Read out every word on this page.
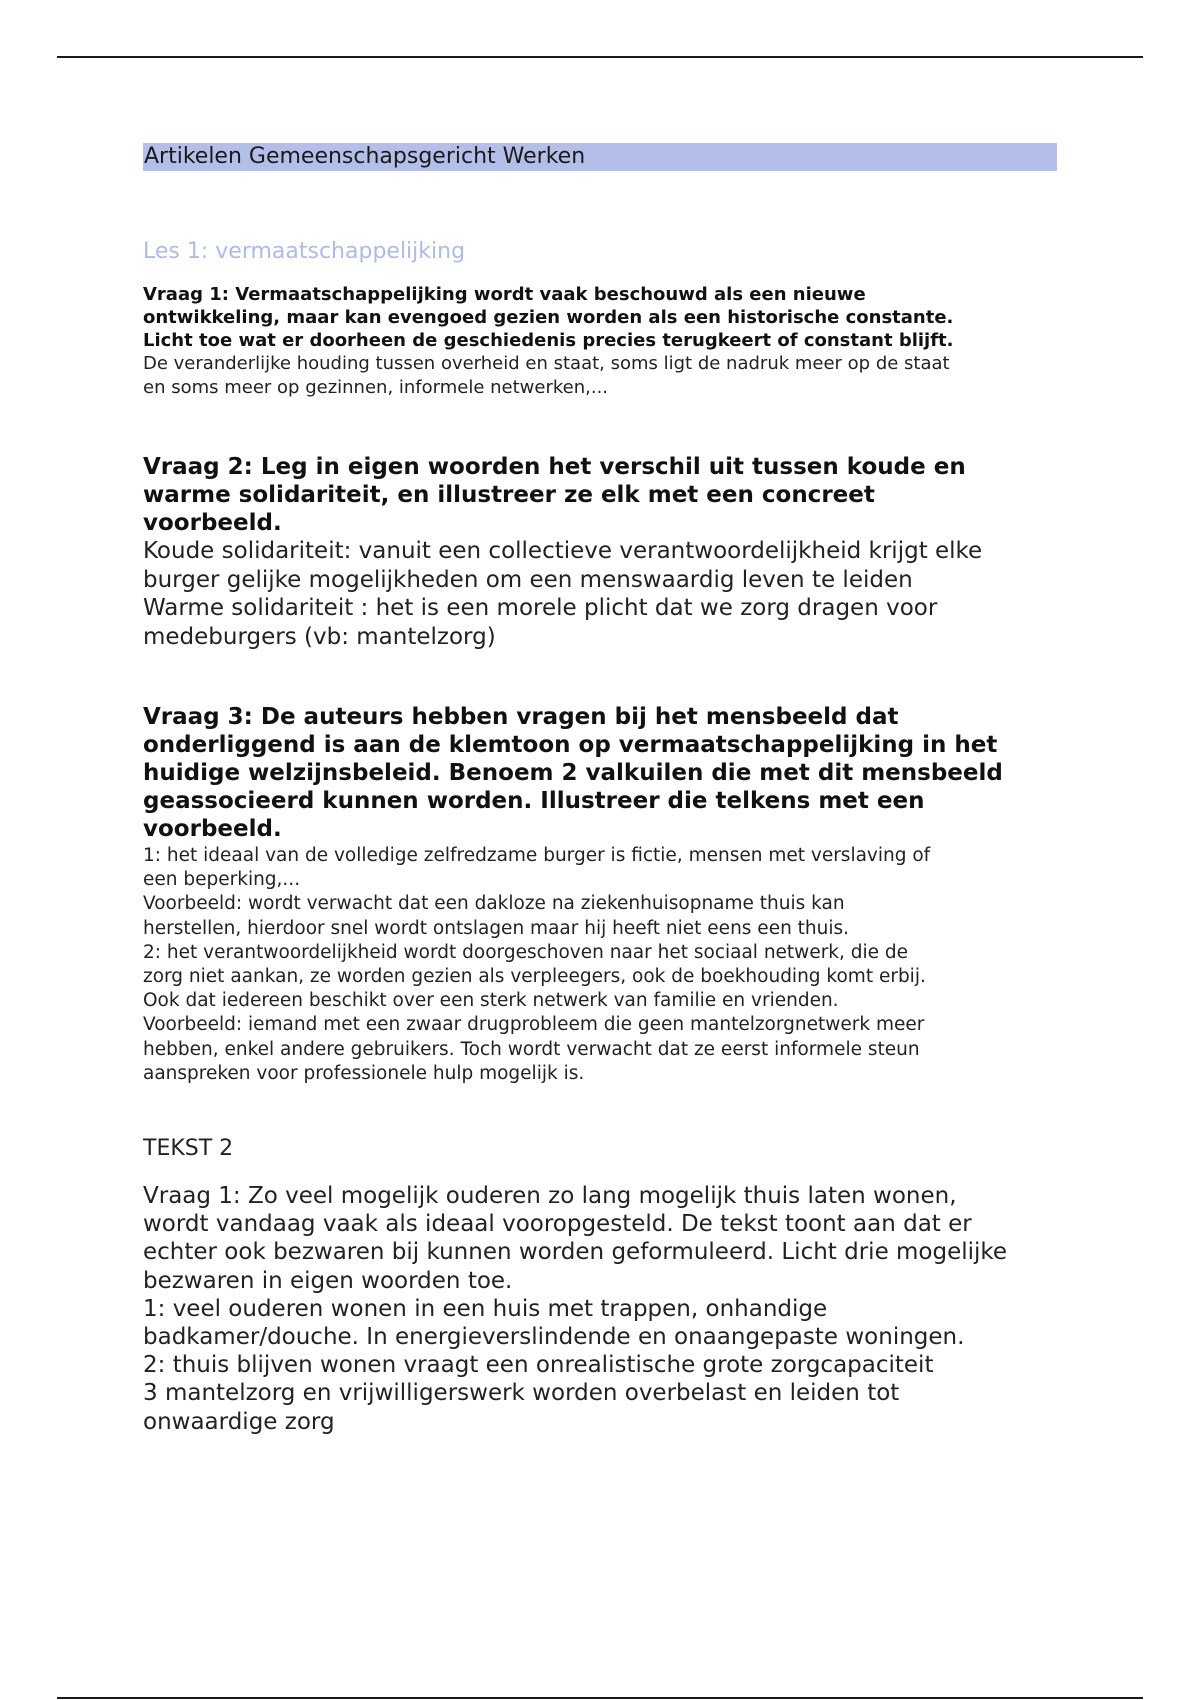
Artikelen Gemeenschapsgericht Werken
Les 1: vermaatschappelijking
Vraag 1: Vermaatschappelijking wordt vaak beschouwd als een nieuwe
ontwikkeling, maar kan evengoed gezien worden als een historische constante.
Licht toe wat er doorheen de geschiedenis precies terugkeert of constant blijft.
De veranderlijke houding tussen overheid en staat, soms ligt de nadruk meer op de staat
en soms meer op gezinnen, informele netwerken,...
Vraag 2: Leg in eigen woorden het verschil uit tussen koude en
warme solidariteit, en illustreer ze elk met een concreet
voorbeeld.
Koude solidariteit: vanuit een collectieve verantwoordelijkheid krijgt elke
burger gelijke mogelijkheden om een menswaardig leven te leiden
Warme solidariteit : het is een morele plicht dat we zorg dragen voor
medeburgers (vb: mantelzorg)
Vraag 3: De auteurs hebben vragen bij het mensbeeld dat
onderliggend is aan de klemtoon op vermaatschappelijking in het
huidige welzijnsbeleid. Benoem 2 valkuilen die met dit mensbeeld
geassocieerd kunnen worden. Illustreer die telkens met een
voorbeeld.
1: het ideaal van de volledige zelfredzame burger is fictie, mensen met verslaving of
een beperking,...
Voorbeeld: wordt verwacht dat een dakloze na ziekenhuisopname thuis kan
herstellen, hierdoor snel wordt ontslagen maar hij heeft niet eens een thuis.
2: het verantwoordelijkheid wordt doorgeschoven naar het sociaal netwerk, die de
zorg niet aankan, ze worden gezien als verpleegers, ook de boekhouding komt erbij.
Ook dat iedereen beschikt over een sterk netwerk van familie en vrienden.
Voorbeeld: iemand met een zwaar drugprobleem die geen mantelzorgnetwerk meer
hebben, enkel andere gebruikers. Toch wordt verwacht dat ze eerst informele steun
aanspreken voor professionele hulp mogelijk is.
TEKST 2
Vraag 1: Zo veel mogelijk ouderen zo lang mogelijk thuis laten wonen,
wordt vandaag vaak als ideaal vooropgesteld. De tekst toont aan dat er
echter ook bezwaren bij kunnen worden geformuleerd. Licht drie mogelijke
bezwaren in eigen woorden toe.
1: veel ouderen wonen in een huis met trappen, onhandige
badkamer/douche. In energieverslindende en onaangepaste woningen.
2: thuis blijven wonen vraagt een onrealistische grote zorgcapaciteit
3 mantelzorg en vrijwilligerswerk worden overbelast en leiden tot
onwaardige zorg
